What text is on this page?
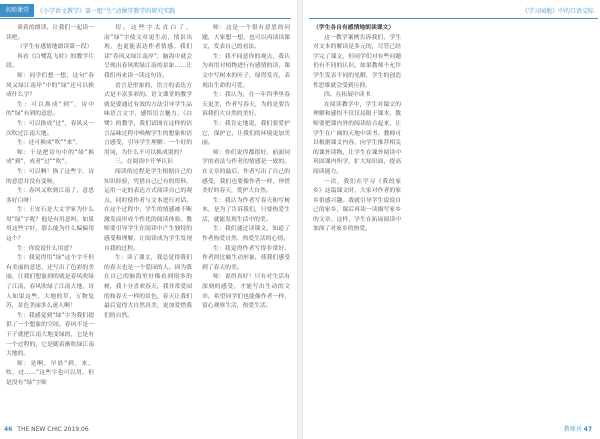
名师课堂	《小学语文教学》第一组“生”动课堂教学的研究实践

谈着的朗读，让我们一起读一读吧。

（学生有感情地朗读第一段）

再看《白鹭乱飞时》的教学片段。

师：同学们想一想，这句“春风又绿江南岸”中的“绿”还可以换成什么字？

生：可以换成“到”，诗中的“绿”有到的意思。

生：可以换成“过”，春风又一次吹过江南大地。

生：还可换成“吹”“来”。

师：于是把诗句中的“绿”换成“到”，成者“过”“吹”。

生：可以啊！换了这些字，诗的意思并没有变呀。

生：春风又吹到江南了，意思多好白呀！

生：王安石是大文学家为什么用“绿”字呢？他是有用意吗。如果用这些字好，那么能为什么偏偏用这个？

生：你说说什么用意？

生：我觉得用“绿”这个字不但有美丽的意思，还写出了色彩的美丽，让我们想象到的就是春风吹绿了江南，春风吹绿了江南大地，诗人如果这些，大地的草，万物复苏，景色美丽多么迷人啊！

生：我感觉到“绿”字为我们提供了一个想象的空间，春风不是一下子就把江南大地变绿的，它是有一个过程的，它是随着渐吹绿江南大地的。

师：是啊，早晨“到、来、吹、过……”这些字也可以用，但是没有“绿”字贴

切。这些字太直白了，而“绿”字使文章更生动，情景出现，也更能表达作者情感。我们读“春风又绿江南岸”，脑海中就会呈现出春风吹绿江南的景象……让我们再来读一读这句诗。

语言是形象的，语言的表达方式是丰富多彩的。语文课堂的教学就是要通过有效的方法引导学生品味语言文字，感悟语言魅力。《白鹭》的教学，我们试图在这样的语言品味过程中唤醒学生的想象和语言感受，引导学生理解：一个好的用词，为什么不可以换成别的？

三、在阅读中升华认识

阅读的过程是学生根据自己的知识经验，凭借自己已有的资料，运用一定的表达方式阅读自己的观点，同时使作者与文本进行对话。在这个过程中，学生的情感被不断激发而形成个性化的阅读体验。教师要引导学生在阅读中产生独特的感受和理解，让阅读成为学生发现自我的过程。

生：读了课文，我总觉得我们的春天也是一个爱园的人。因为我在自己的脑海里好像看到很多的树，我十分喜欢春天，我非常爱园的和春天一样的景色，春天让我们最后觉得大自然真美，更加爱惜我们的自然。

师：这是一个很有意思的问题，大家想一想，也可以再读读课文，发表自己的看法。

生：我不同意你的观点，我认为再用对植物进行有感情的读，课文中写树木的叶子，绿得发亮，表现出生命的可爱。

生：我认为，在一年四季里春天更美，作者写春天，为的是要告诉我们大自然的美好。

生：我肯定地说，我们要爱护它，保护它，让我们的环境更加美丽。

师：你们说得都很好。前面同学的看法与作者的情感是一致的。在文章的最后，作者写出了自己的感受，我们也要像作者一样，珍惜美好的春天，爱护大自然。

生：我认为作者写春天和写树木，是为了告诉我们，只要热爱生活，就能发现生活中的美。

生：我们通过读课文，知道了作者热爱自然、热爱生活的心情。

生：我觉得作者写得非常好，作者的比喻生动形象，使我们感受到了春天的美。

师：说得真好！只有对生活有深刻的感受，才能写出生动的文章。希望同学们也能像作者一样，留心观察生活，热爱生活。

46 THE NEW CHIC 2019.06
《学习园地》中的口语交际

（学生各自有感情地朗读课文）

这一教学案例告诉我们，学生对文本的解读是多元的，尽管已经学完了课文，但同学们对有些问题仍有不同的认识。如果教师不允许学生发表不同的见解，学生的创造性思维就会受到压抑。

四、在拓展中读书

在阅读教学中，学生对课文的理解和感悟不仅仅局限于课本，教师要把课内外的阅读结合起来，让学生在广阔的天地中读书。教师可以根据课文内容，向学生推荐相关的课外读物，让学生在课外阅读中巩固课内所学，扩大知识面，提高阅读能力。

一次，我们在学习《我的家乡》这篇课文时，大家对作者的家乡很感兴趣。我就引导学生说说自己的家乡，课后再读一读描写家乡的文章。这样，学生在拓展阅读中加深了对家乡的热爱。

教师刊 47
